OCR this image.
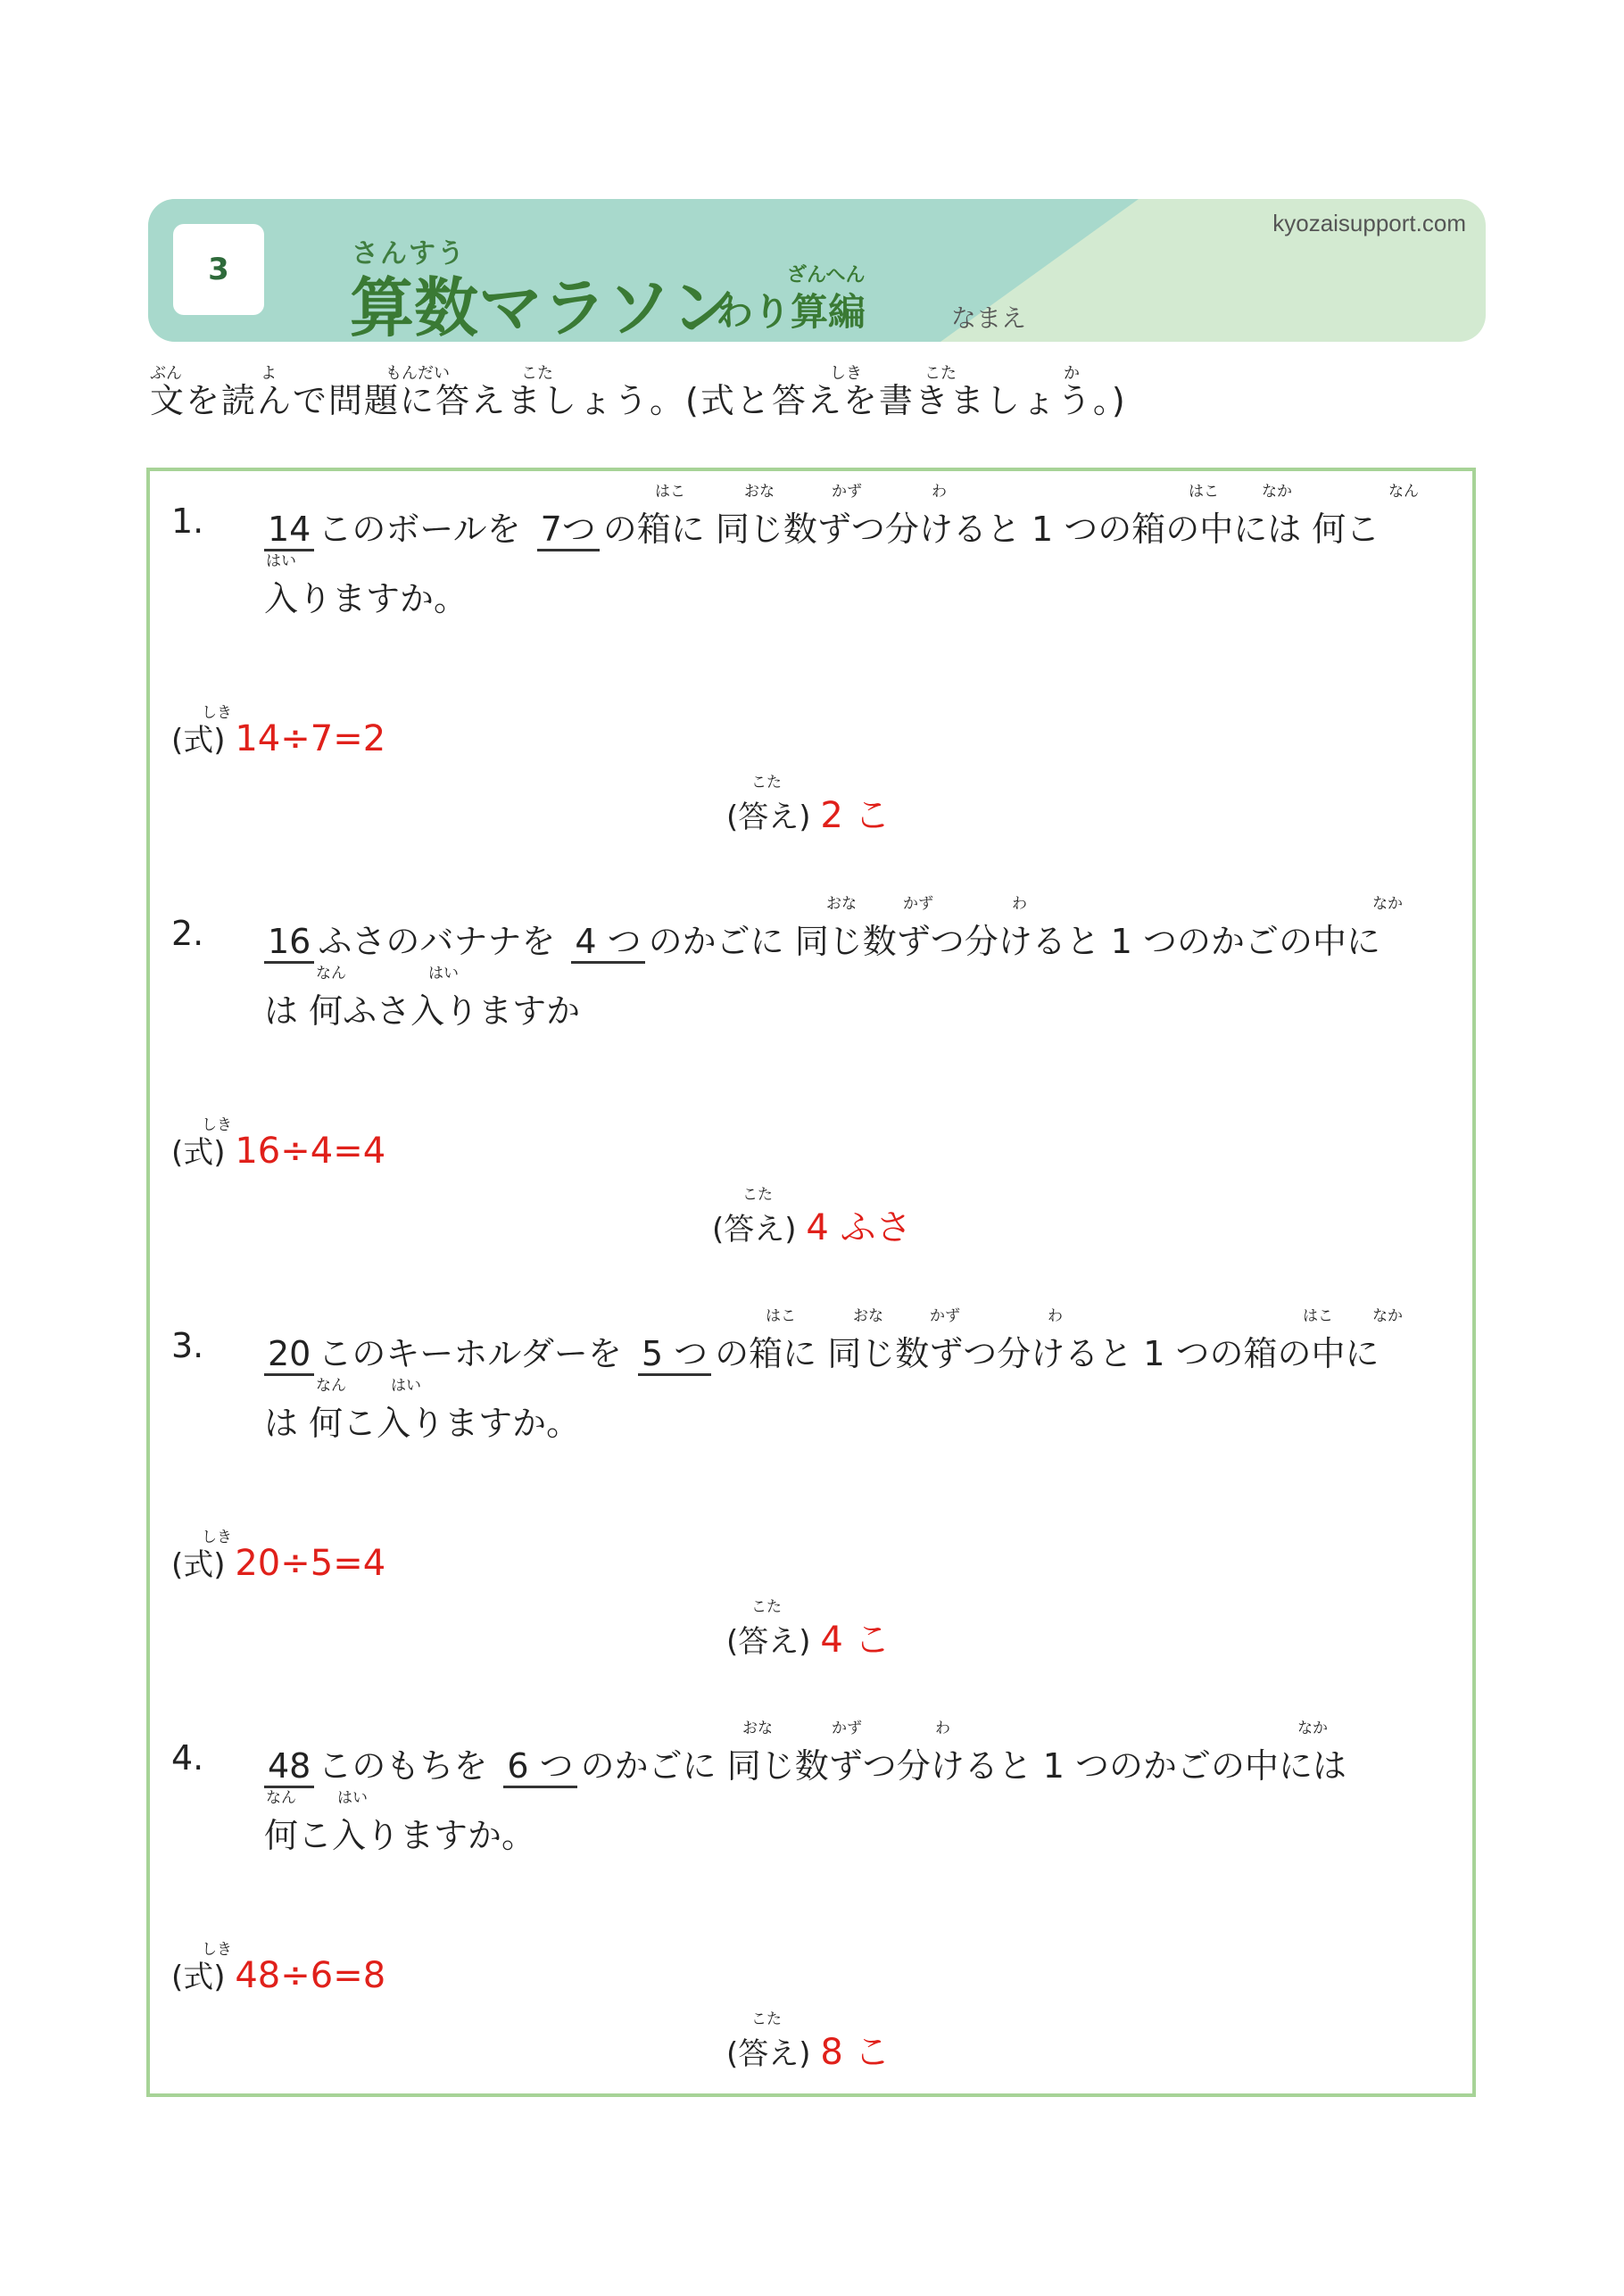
3	さんすう
算数マラソン	ざんへん
わり算編
kyozaisupport.com
なまえ
ぶん	よ	もんだい	こた	しき	こた	か
文を読んで問題に答えましょう。(式と答えを書きましょう。)
はこ	おな	かず	わ	はこ	なか	なん
はい
1. 14 このボールを 7つ の箱に 同じ数ずつ分けると 1 つの箱の中には 何こ
入りますか。
しき
(式) 14÷7=2
こた
(答え) 2 こ
おな	かず	わ	なか
なん	はい
2. 16 ふさのバナナを 4 つ のかごに 同じ数ずつ分けると 1 つのかごの中に
は 何ふさ入りますか
しき
(式) 16÷4=4
こた
(答え) 4 ふさ
はこ	おな	かず	わ	はこ	なか
なん	はい
3. 20 このキーホルダーを 5 つ の箱に 同じ数ずつ分けると 1 つの箱の中に
は 何こ入りますか。
しき
(式) 20÷5=4
こた
(答え) 4 こ
おな	かず	わ	なか
なん	はい
4. 48 このもちを 6 つ のかごに 同じ数ずつ分けると 1 つのかごの中には
何こ入りますか。
しき
(式) 48÷6=8
こた
(答え) 8 こ
